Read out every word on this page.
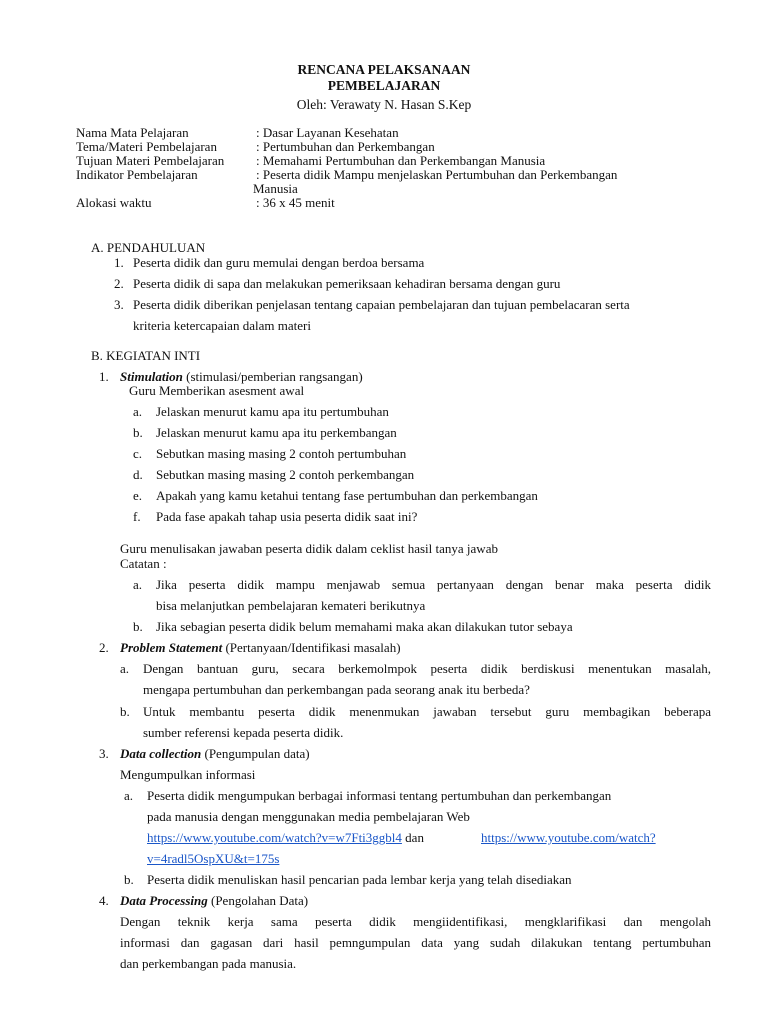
RENCANA PELAKSANAAN
PEMBELAJARAN
Oleh: Verawaty N. Hasan S.Kep
Nama Mata Pelajaran	: Dasar Layanan Kesehatan
Tema/Materi Pembelajaran	: Pertumbuhan dan Perkembangan
Tujuan Materi Pembelajaran : Memahami Pertumbuhan dan Perkembangan Manusia
Indikator Pembelajaran	: Peserta didik Mampu menjelaskan Pertumbuhan dan Perkembangan
Manusia
Alokasi waktu	: 36 x 45 menit
A. PENDAHULUAN
1. Peserta didik dan guru memulai dengan berdoa bersama
2. Peserta didik di sapa dan melakukan pemeriksaan kehadiran bersama dengan guru
3. Peserta didik diberikan penjelasan tentang capaian pembelajaran dan tujuan pembelacaran serta
kriteria ketercapaian dalam materi
B. KEGIATAN INTI
1. Stimulation (stimulasi/pemberian rangsangan)
Guru Memberikan asesment awal
a. Jelaskan menurut kamu apa itu pertumbuhan
b. Jelaskan menurut kamu apa itu perkembangan
c. Sebutkan masing masing 2 contoh pertumbuhan
d. Sebutkan masing masing 2 contoh perkembangan
e. Apakah yang kamu ketahui tentang fase pertumbuhan dan perkembangan
f. Pada fase apakah tahap usia peserta didik saat ini?
Guru menulisakan jawaban peserta didik dalam ceklist hasil tanya jawab
Catatan :
a. Jika peserta didik mampu menjawab semua pertanyaan dengan benar maka peserta didik
bisa melanjutkan pembelajaran kemateri berikutnya
b. Jika sebagian peserta didik belum memahami maka akan dilakukan tutor sebaya
2. Problem Statement (Pertanyaan/Identifikasi masalah)
a. Dengan bantuan guru, secara berkemolmpok peserta didik berdiskusi menentukan masalah,
mengapa pertumbuhan dan perkembangan pada seorang anak itu berbeda?
b. Untuk membantu peserta didik menenmukan jawaban tersebut guru membagikan beberapa
sumber referensi kepada peserta didik.
3. Data collection (Pengumpulan data)
Mengumpulkan informasi
a. Peserta didik mengumpukan berbagai informasi tentang pertumbuhan dan perkembangan
pada manusia dengan menggunakan media pembelajaran Web
https://www.youtube.com/watch?v=w7Fti3ggbl4 dan	https://www.youtube.com/watch?
v=4radl5OspXU&t=175s
b. Peserta didik menuliskan hasil pencarian pada lembar kerja yang telah disediakan
4. Data Processing (Pengolahan Data)
Dengan teknik kerja sama peserta didik mengiidentifikasi, mengklarifikasi dan mengolah
informasi dan gagasan dari hasil pemngumpulan data yang sudah dilakukan tentang pertumbuhan
dan perkembangan pada manusia.
